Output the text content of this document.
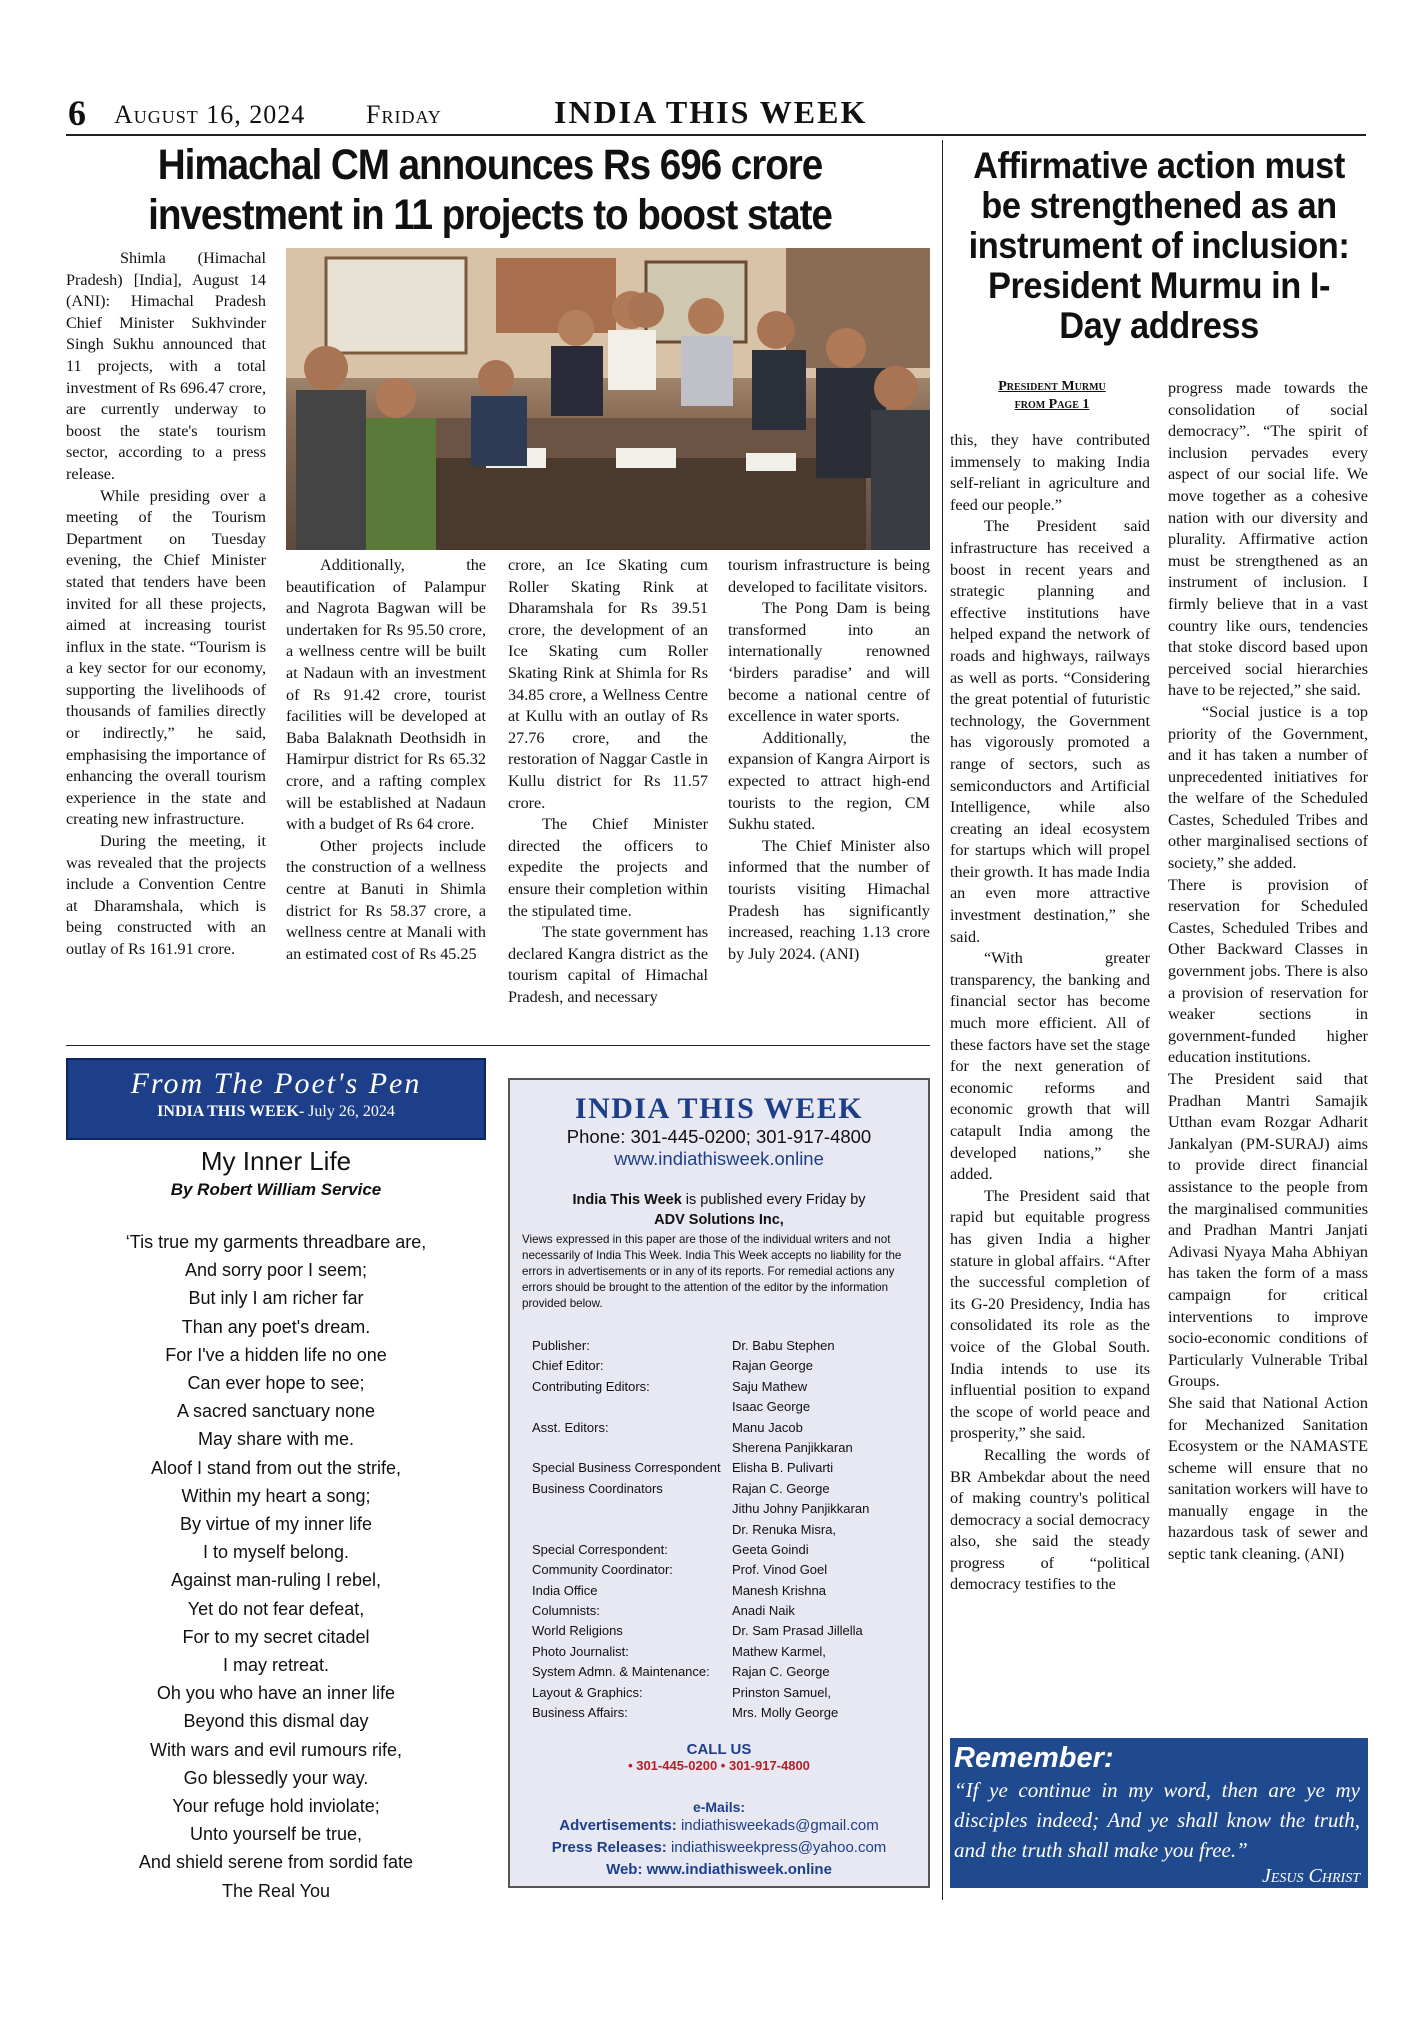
6 August 16, 2024 Friday	INDIA THIS WEEK
Himachal CM announces Rs 696 crore
investment in 11 projects to boost state

Shimla (Himachal Pradesh) [India], August 14 (ANI): Himachal Pradesh Chief Minister Sukhvinder Singh Sukhu announced that 11 projects, with a total investment of Rs 696.47 crore, are currently underway to boost the state's tourism sector, according to a press release.

While presiding over a meeting of the Tourism Department on Tuesday evening, the Chief Minister stated that tenders have been invited for all these projects, aimed at increasing tourist influx in the state. “Tourism is a key sector for our economy, supporting the livelihoods of thousands of families directly or indirectly,” he said, emphasising the importance of enhancing the overall tourism experience in the state and creating new infrastructure.

During the meeting, it was revealed that the projects include a Convention Centre at Dharamshala, which is being constructed with an outlay of Rs 161.91 crore.

Additionally, the beautification of Palampur and Nagrota Bagwan will be undertaken for Rs 95.50 crore, a wellness centre will be built at Nadaun with an investment of Rs 91.42 crore, tourist facilities will be developed at Baba Balaknath Deothsidh in Hamirpur district for Rs 65.32 crore, and a rafting complex will be established at Nadaun with a budget of Rs 64 crore.

Other projects include the construction of a wellness centre at Banuti in Shimla district for Rs 58.37 crore, a wellness centre at Manali with an estimated cost of Rs 45.25

crore, an Ice Skating cum Roller Skating Rink at Dharamshala for Rs 39.51 crore, the development of an Ice Skating cum Roller Skating Rink at Shimla for Rs 34.85 crore, a Wellness Centre at Kullu with an outlay of Rs 27.76 crore, and the restoration of Naggar Castle in Kullu district for Rs 11.57 crore.

The Chief Minister directed the officers to expedite the projects and ensure their completion within the stipulated time.

The state government has declared Kangra district as the tourism capital of Himachal Pradesh, and necessary

tourism infrastructure is being developed to facilitate visitors.

The Pong Dam is being transformed into an internationally renowned ‘birders paradise’ and will become a national centre of excellence in water sports.

Additionally, the expansion of Kangra Airport is expected to attract high-end tourists to the region, CM Sukhu stated.

The Chief Minister also informed that the number of tourists visiting Himachal Pradesh has significantly increased, reaching 1.13 crore by July 2024. (ANI)

Affirmative action must be strengthened as an instrument of inclusion: President Murmu in I-Day address
President Murmu
from Page 1

this, they have contributed immensely to making India self-reliant in agriculture and feed our people.”

The President said infrastructure has received a boost in recent years and strategic planning and effective institutions have helped expand the network of roads and highways, railways as well as ports. “Considering the great potential of futuristic technology, the Government has vigorously promoted a range of sectors, such as semiconductors and Artificial Intelligence, while also creating an ideal ecosystem for startups which will propel their growth. It has made India an even more attractive investment destination,” she said.

“With greater transparency, the banking and financial sector has become much more efficient. All of these factors have set the stage for the next generation of economic reforms and economic growth that will catapult India among the developed nations,” she added.

The President said that rapid but equitable progress has given India a higher stature in global affairs. “After the successful completion of its G-20 Presidency, India has consolidated its role as the voice of the Global South. India intends to use its influential position to expand the scope of world peace and prosperity,” she said.

Recalling the words of BR Ambekdar about the need of making country's political democracy a social democracy also, she said the steady progress of “political democracy testifies to the

progress made towards the consolidation of social democracy”. “The spirit of inclusion pervades every aspect of our social life. We move together as a cohesive nation with our diversity and plurality. Affirmative action must be strengthened as an instrument of inclusion. I firmly believe that in a vast country like ours, tendencies that stoke discord based upon perceived social hierarchies have to be rejected,” she said.

“Social justice is a top priority of the Government, and it has taken a number of unprecedented initiatives for the welfare of the Scheduled Castes, Scheduled Tribes and other marginalised sections of society,” she added.

There is provision of reservation for Scheduled Castes, Scheduled Tribes and Other Backward Classes in government jobs. There is also a provision of reservation for weaker sections in government-funded higher education institutions.

The President said that Pradhan Mantri Samajik Utthan evam Rozgar Adharit Jankalyan (PM-SURAJ) aims to provide direct financial assistance to the people from the marginalised communities and Pradhan Mantri Janjati Adivasi Nyaya Maha Abhiyan has taken the form of a mass campaign for critical interventions to improve socio-economic conditions of Particularly Vulnerable Tribal Groups.

She said that National Action for Mechanized Sanitation Ecosystem or the NAMASTE scheme will ensure that no sanitation workers will have to manually engage in the hazardous task of sewer and septic tank cleaning. (ANI)

From The Poet's Pen
INDIA THIS WEEK- July 26, 2024
My Inner Life
By Robert William Service
‘Tis true my garments threadbare are,
And sorry poor I seem;
But inly I am richer far
Than any poet's dream.
For I've a hidden life no one
Can ever hope to see;
A sacred sanctuary none
May share with me.
Aloof I stand from out the strife,
Within my heart a song;
By virtue of my inner life
I to myself belong.
Against man-ruling I rebel,
Yet do not fear defeat,
For to my secret citadel
I may retreat.
Oh you who have an inner life
Beyond this dismal day
With wars and evil rumours rife,
Go blessedly your way.
Your refuge hold inviolate;
Unto yourself be true,
And shield serene from sordid fate
The Real You
INDIA THIS WEEK
Phone: 301-445-0200; 301-917-4800
www.indiathisweek.online
India This Week is published every Friday by
ADV Solutions Inc,
Views expressed in this paper are those of the individual writers and not necessarily of India This Week. India This Week accepts no liability for the errors in advertisements or in any of its reports. For remedial actions any errors should be brought to the attention of the editor by the information provided below.
Publisher:	Dr. Babu Stephen
Chief Editor:	Rajan George
Contributing Editors:	Saju Mathew
Isaac George
Asst. Editors:	Manu Jacob
Sherena Panjikkaran
Special Business Correspondent Elisha B. Pulivarti
Business Coordinators	Rajan C. George
Jithu Johny Panjikkaran
Dr. Renuka Misra,
Special Correspondent:	Geeta Goindi
Community Coordinator:	Prof. Vinod Goel
India Office	Manesh Krishna
Columnists:	Anadi Naik
World Religions	Dr. Sam Prasad Jillella
Photo Journalist:	Mathew Karmel,
System Admn. & Maintenance: Rajan C. George
Layout & Graphics:	Prinston Samuel,
Business Affairs:	Mrs. Molly George
CALL US
• 301-445-0200 • 301-917-4800
e-Mails:
Advertisements: indiathisweekads@gmail.com
Press Releases: indiathisweekpress@yahoo.com
Web: www.indiathisweek.online
Remember:
“If ye continue in my word, then are ye my disciples indeed; And ye shall know the truth, and the truth shall make you free.”
Jesus Christ
